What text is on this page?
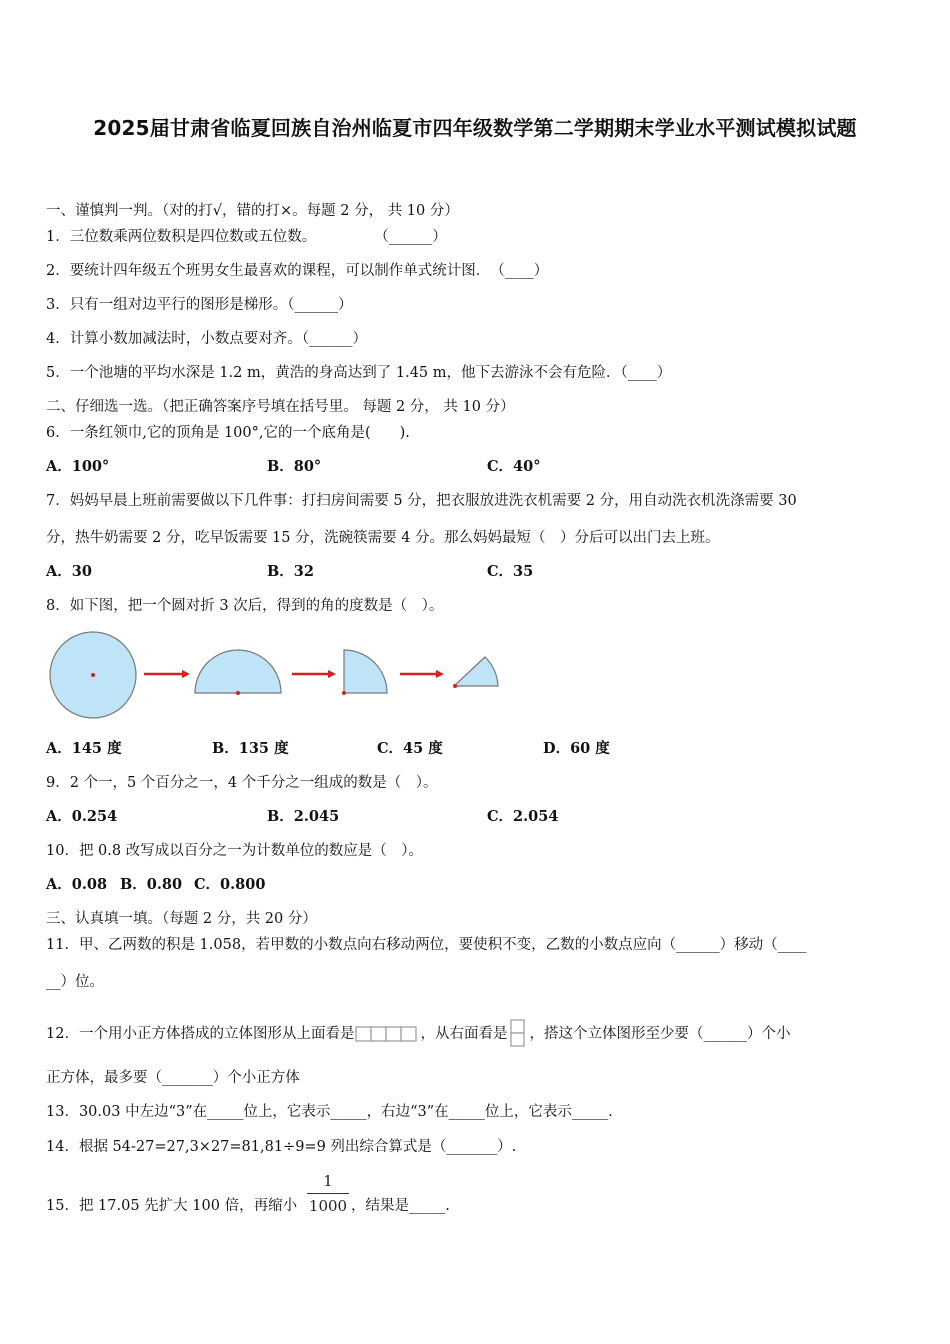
2025届甘肃省临夏回族自治州临夏市四年级数学第二学期期末学业水平测试模拟试题
一、谨慎判一判。（对的打√，错的打×。每题 2 分， 共 10 分）
1．三位数乘两位数积是四位数或五位数。　　　　　（______）
2．要统计四年级五个班男女生最喜欢的课程，可以制作单式统计图．　（____）
3．只有一组对边平行的图形是梯形。（______）
4．计算小数加减法时，小数点要对齐。（______）
5．一个池塘的平均水深是 1.2 m，黄浩的身高达到了 1.45 m，他下去游泳不会有危险．（____）
二、仔细选一选。（把正确答案序号填在括号里。 每题 2 分， 共 10 分）
6．一条红领巾,它的顶角是 100°,它的一个底角是(　　).
A．100°	B．80°	C．40°
7．妈妈早晨上班前需要做以下几件事：打扫房间需要 5 分，把衣服放进洗衣机需要 2 分，用自动洗衣机洗涤需要 30
分，热牛奶需要 2 分，吃早饭需要 15 分，洗碗筷需要 4 分。那么妈妈最短（　）分后可以出门去上班。
A．30	B．32	C．35
8．如下图，把一个圆对折 3 次后，得到的角的度数是（　）。
A．145 度	B．135 度	C．45 度	D．60 度
9．2 个一，5 个百分之一，4 个千分之一组成的数是（　）。
A．0.254	B．2.045	C．2.054
10．把 0.8 改写成以百分之一为计数单位的数应是（　）。
A．0.08 B．0.80 C．0.800
三、认真填一填。（每题 2 分，共 20 分）
11．甲、乙两数的积是 1.058，若甲数的小数点向右移动两位，要使积不变，乙数的小数点应向（______）移动（____
__）位。
12．一个用小正方体搭成的立体图形从上面看是	，从右面看是 ，搭这个立体图形至少要（______）个小
正方体，最多要（_______）个小正方体
13．30.03 中左边“3”在_____位上，它表示_____，右边“3”在_____位上，它表示_____.
14．根据 54-27=27,3×27=81,81÷9=9 列出综合算式是（_______）.
15．把 17.05 先扩大 100 倍，再缩小
1
1000 ，结果是_____.
